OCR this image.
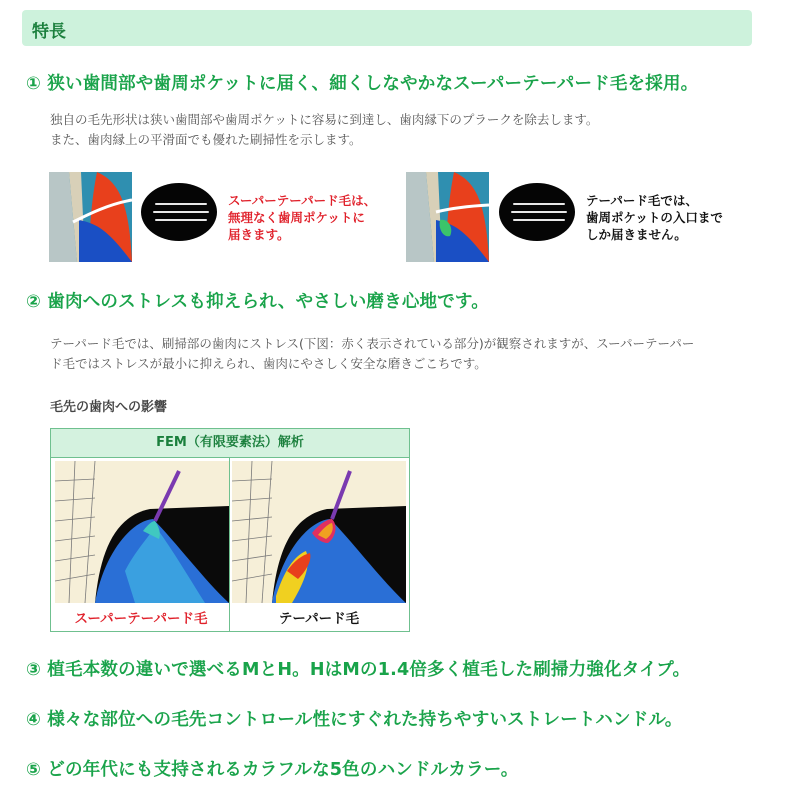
特長
① 狭い歯間部や歯周ポケットに届く、細くしなやかなスーパーテーパード毛を採用。
独自の毛先形状は狭い歯間部や歯周ポケットに容易に到達し、歯肉縁下のプラークを除去します。
また、歯肉縁上の平滑面でも優れた刷掃性を示します。
スーパーテーパード毛は、
無理なく歯周ポケットに
届きます。
テーパード毛では、
歯周ポケットの入口まで
しか届きません。
② 歯肉へのストレスも抑えられ、やさしい磨き心地です。
テーパード毛では、刷掃部の歯肉にストレス(下図：赤く表示されている部分)が観察されますが、スーパーテーパー
ド毛ではストレスが最小に抑えられ、歯肉にやさしく安全な磨きごこちです。
毛先の歯肉への影響
FEM（有限要素法）解析
スーパーテーパード毛	テーパード毛
③ 植毛本数の違いで選べるMとH。HはMの1.4倍多く植毛した刷掃力強化タイプ。
④ 様々な部位への毛先コントロール性にすぐれた持ちやすいストレートハンドル。
⑤ どの年代にも支持されるカラフルな5色のハンドルカラー。
